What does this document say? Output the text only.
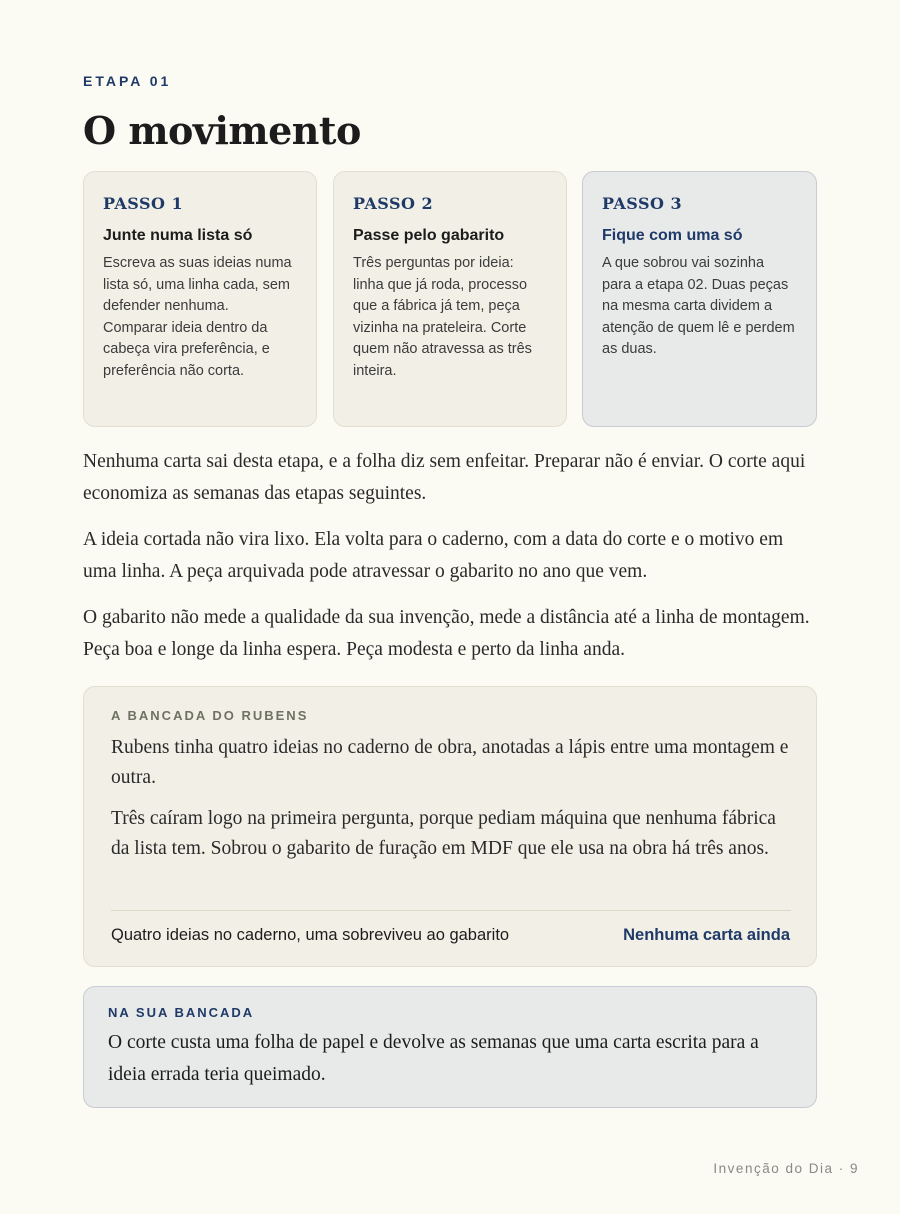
ETAPA 01
O movimento
PASSO 1
Junte numa lista só
Escreva as suas ideias numa lista só, uma linha cada, sem defender nenhuma. Comparar ideia dentro da cabeça vira preferência, e preferência não corta.
PASSO 2
Passe pelo gabarito
Três perguntas por ideia: linha que já roda, processo que a fábrica já tem, peça vizinha na prateleira. Corte quem não atravessa as três inteira.
PASSO 3
Fique com uma só
A que sobrou vai sozinha para a etapa 02. Duas peças na mesma carta dividem a atenção de quem lê e perdem as duas.

Nenhuma carta sai desta etapa, e a folha diz sem enfeitar. Preparar não é enviar. O corte aqui economiza as semanas das etapas seguintes.

A ideia cortada não vira lixo. Ela volta para o caderno, com a data do corte e o motivo em uma linha. A peça arquivada pode atravessar o gabarito no ano que vem.

O gabarito não mede a qualidade da sua invenção, mede a distância até a linha de montagem. Peça boa e longe da linha espera. Peça modesta e perto da linha anda.

A BANCADA DO RUBENS

Rubens tinha quatro ideias no caderno de obra, anotadas a lápis entre uma montagem e outra.

Três caíram logo na primeira pergunta, porque pediam máquina que nenhuma fábrica da lista tem. Sobrou o gabarito de furação em MDF que ele usa na obra há três anos.

Quatro ideias no caderno, uma sobreviveu ao gabarito	Nenhuma carta ainda
NA SUA BANCADA

O corte custa uma folha de papel e devolve as semanas que uma carta escrita para a ideia errada teria queimado.

Invenção do Dia · 9
